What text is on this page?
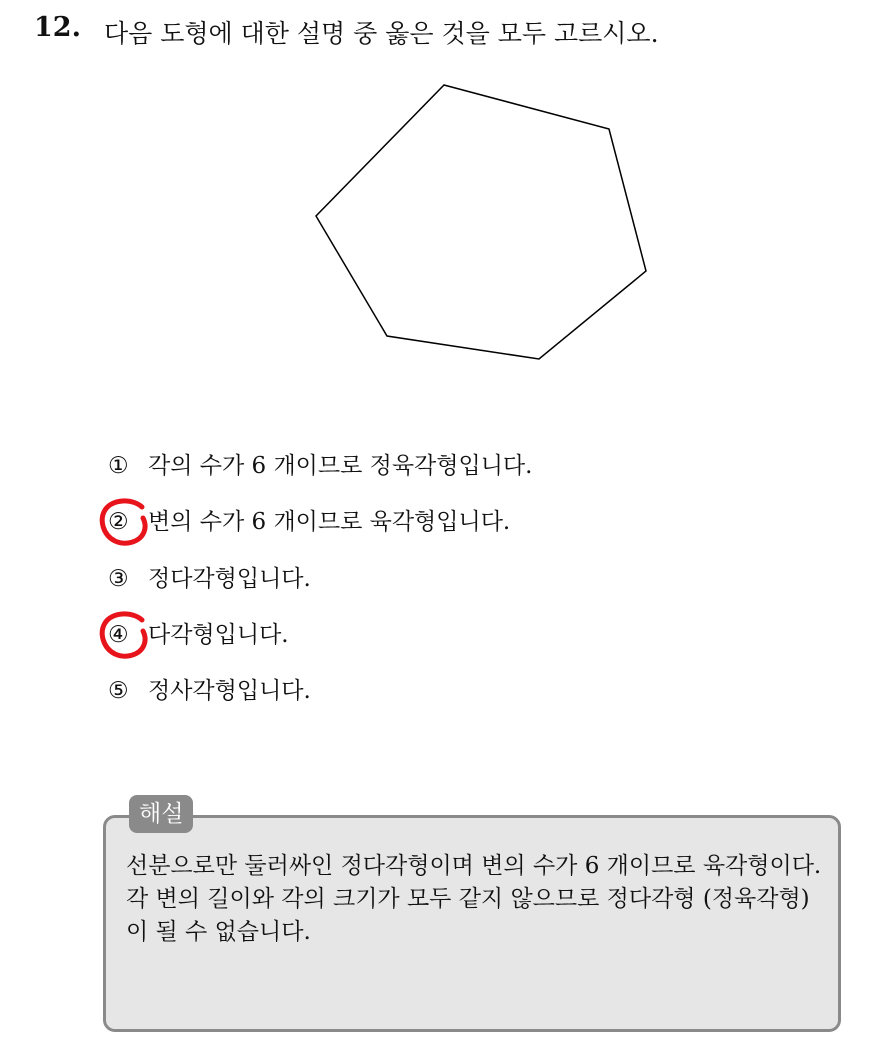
12. 다음 도형에 대한 설명 중 옳은 것을 모두 고르시오.
① 각의 수가 6 개이므로 정육각형입니다.
② 변의 수가 6 개이므로 육각형입니다.
③ 정다각형입니다.
④ 다각형입니다.
⑤ 정사각형입니다.
해설

선분으로만 둘러싸인 정다각형이며 변의 수가 6 개이므로 육각형이다.

각 변의 길이와 각의 크기가 모두 같지 않으므로 정다각형 (정육각형) 이 될 수 없습니다.
